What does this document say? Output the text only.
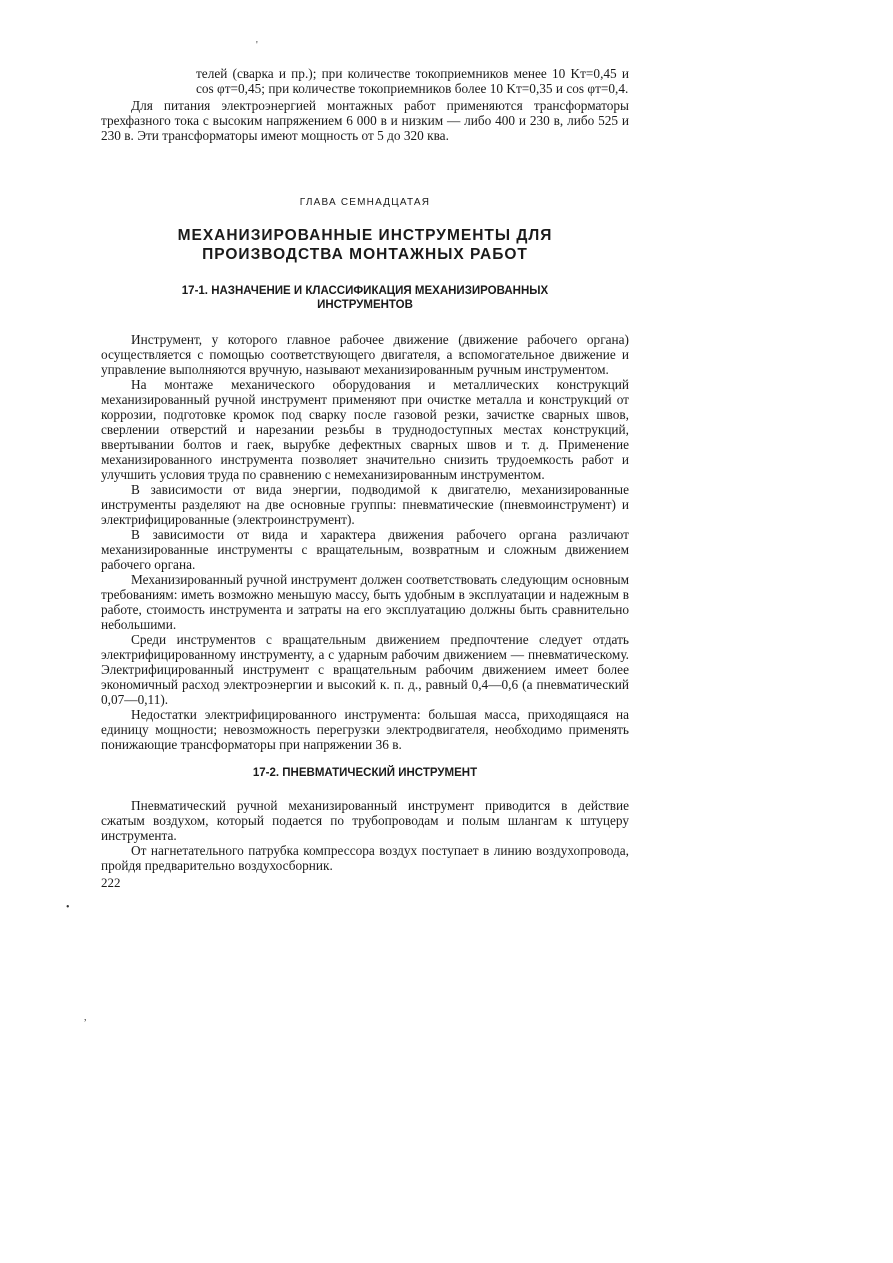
телей (сварка и пр.); при количестве токоприемников менее 10 Kт=0,45 и cos φт=0,45; при количестве токоприемников более 10 Kт=0,35 и cos φт=0,4.

Для питания электроэнергией монтажных работ применяются трансформаторы трехфазного тока с высоким напряжением 6 000 в и низким — либо 400 и 230 в, либо 525 и 230 в. Эти трансформаторы имеют мощность от 5 до 320 ква.

ГЛАВА СЕМНАДЦАТАЯ

МЕХАНИЗИРОВАННЫЕ ИНСТРУМЕНТЫ ДЛЯ ПРОИЗВОДСТВА МОНТАЖНЫХ РАБОТ

17-1. НАЗНАЧЕНИЕ И КЛАССИФИКАЦИЯ МЕХАНИЗИРОВАННЫХ ИНСТРУМЕНТОВ

Инструмент, у которого главное рабочее движение (движение рабочего органа) осуществляется с помощью соответствующего двигателя, а вспомогательное движение и управление выполняются вручную, называют механизированным ручным инструментом.

На монтаже механического оборудования и металлических конструкций механизированный ручной инструмент применяют при очистке металла и конструкций от коррозии, подготовке кромок под сварку после газовой резки, зачистке сварных швов, сверлении отверстий и нарезании резьбы в труднодоступных местах конструкций, ввертывании болтов и гаек, вырубке дефектных сварных швов и т. д. Применение механизированного инструмента позволяет значительно снизить трудоемкость работ и улучшить условия труда по сравнению с немеханизированным инструментом.

В зависимости от вида энергии, подводимой к двигателю, механизированные инструменты разделяют на две основные группы: пневматические (пневмоинструмент) и электрифицированные (электроинструмент).

В зависимости от вида и характера движения рабочего органа различают механизированные инструменты с вращательным, возвратным и сложным движением рабочего органа.

Механизированный ручной инструмент должен соответствовать следующим основным требованиям: иметь возможно меньшую массу, быть удобным в эксплуатации и надежным в работе, стоимость инструмента и затраты на его эксплуатацию должны быть сравнительно небольшими.

Среди инструментов с вращательным движением предпочтение следует отдать электрифицированному инструменту, а с ударным рабочим движением — пневматическому. Электрифицированный инструмент с вращательным рабочим движением имеет более экономичный расход электроэнергии и высокий к. п. д., равный 0,4—0,6 (а пневматический 0,07—0,11).

Недостатки электрифицированного инструмента: большая масса, приходящаяся на единицу мощности; невозможность перегрузки электродвигателя, необходимо применять понижающие трансформаторы при напряжении 36 в.

17-2. ПНЕВМАТИЧЕСКИЙ ИНСТРУМЕНТ

Пневматический ручной механизированный инструмент приводится в действие сжатым воздухом, который подается по трубопроводам и полым шлангам к штуцеру инструмента.

От нагнетательного патрубка компрессора воздух поступает в линию воздухопровода, пройдя предварительно воздухосборник.

222

'
•
,
